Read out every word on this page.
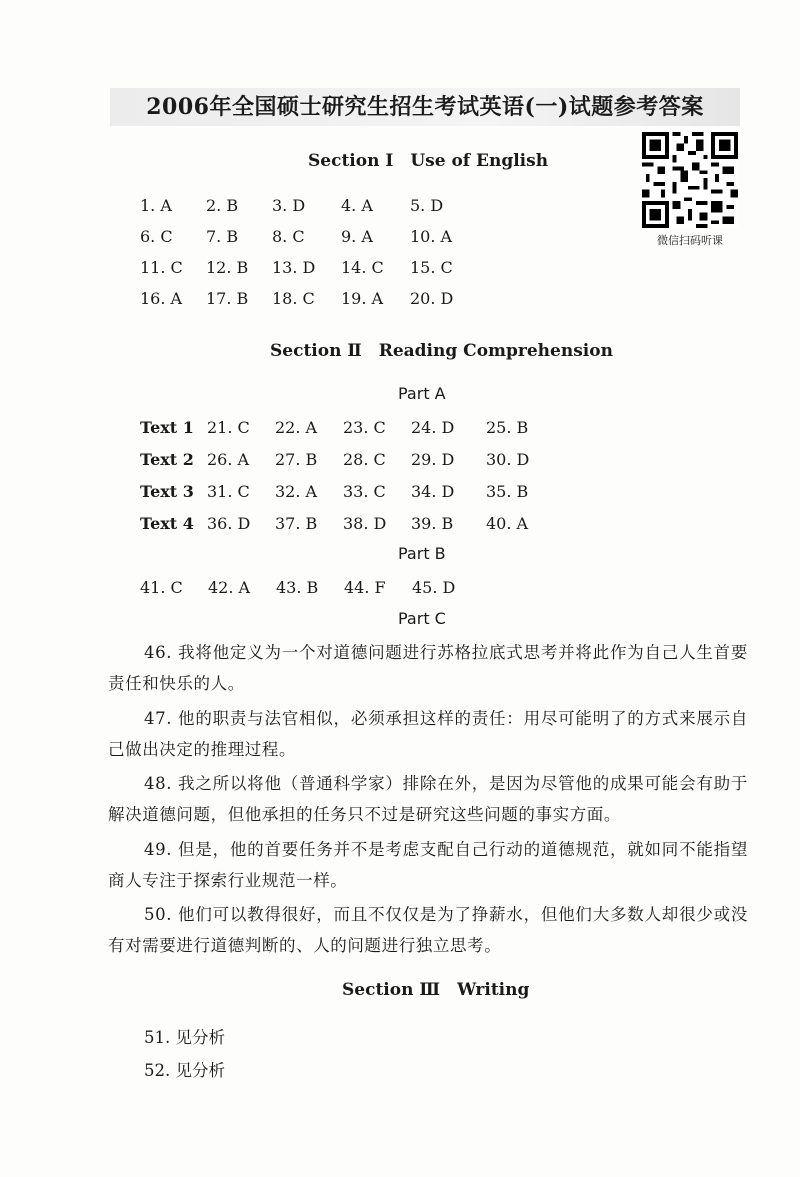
2006年全国硕士研究生招生考试英语(一)试题参考答案
微信扫码听课
Section Ⅰ　Use of English
1. A 2. B 3. D 4. A 5. D
6. C 7. B 8. C 9. A 10. A
11. C 12. B 13. D 14. C 15. C
16. A 17. B 18. C 19. A 20. D
Section Ⅱ　Reading Comprehension
Part A
Text 1 21. C 22. A 23. C 24. D 25. B
Text 2 26. A 27. B 28. C 29. D 30. D
Text 3 31. C 32. A 33. C 34. D 35. B
Text 4 36. D 37. B 38. D 39. B 40. A
Part B
41. C 42. A 43. B 44. F 45. D
Part C
46. 我将他定义为一个对道德问题进行苏格拉底式思考并将此作为自己人生首要责任和快乐的人。
47. 他的职责与法官相似，必须承担这样的责任：用尽可能明了的方式来展示自己做出决定的推理过程。
48. 我之所以将他（普通科学家）排除在外，是因为尽管他的成果可能会有助于解决道德问题，但他承担的任务只不过是研究这些问题的事实方面。
49. 但是，他的首要任务并不是考虑支配自己行动的道德规范，就如同不能指望商人专注于探索行业规范一样。
50. 他们可以教得很好，而且不仅仅是为了挣薪水，但他们大多数人却很少或没有对需要进行道德判断的、人的问题进行独立思考。
Section Ⅲ　Writing
51. 见分析
52. 见分析
